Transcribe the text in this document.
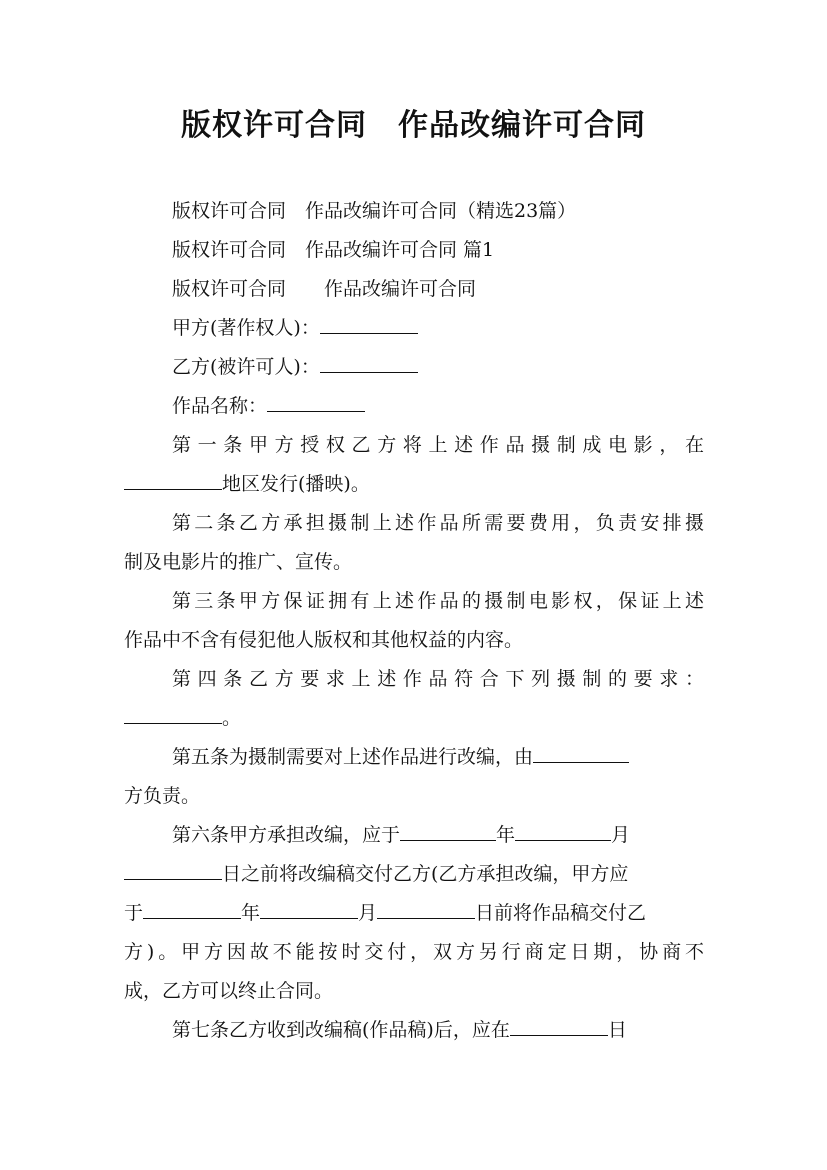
版权许可合同　作品改编许可合同
版权许可合同　作品改编许可合同（精选23篇）
版权许可合同　作品改编许可合同 篇1
版权许可合同　　作品改编许可合同
甲方(著作权人)：
乙方(被许可人)：
作品名称：
第一条甲方授权乙方将上述作品摄制成电影，在
地区发行(播映)。
第二条乙方承担摄制上述作品所需要费用，负责安排摄
制及电影片的推广、宣传。
第三条甲方保证拥有上述作品的摄制电影权，保证上述
作品中不含有侵犯他人版权和其他权益的内容。
第四条乙方要求上述作品符合下列摄制的要求：
。
第五条为摄制需要对上述作品进行改编，由
方负责。
第六条甲方承担改编，应于	年	月
日之前将改编稿交付乙方(乙方承担改编，甲方应
于	年	月	日前将作品稿交付乙
方)。甲方因故不能按时交付，双方另行商定日期，协商不
成，乙方可以终止合同。
第七条乙方收到改编稿(作品稿)后，应在	日
